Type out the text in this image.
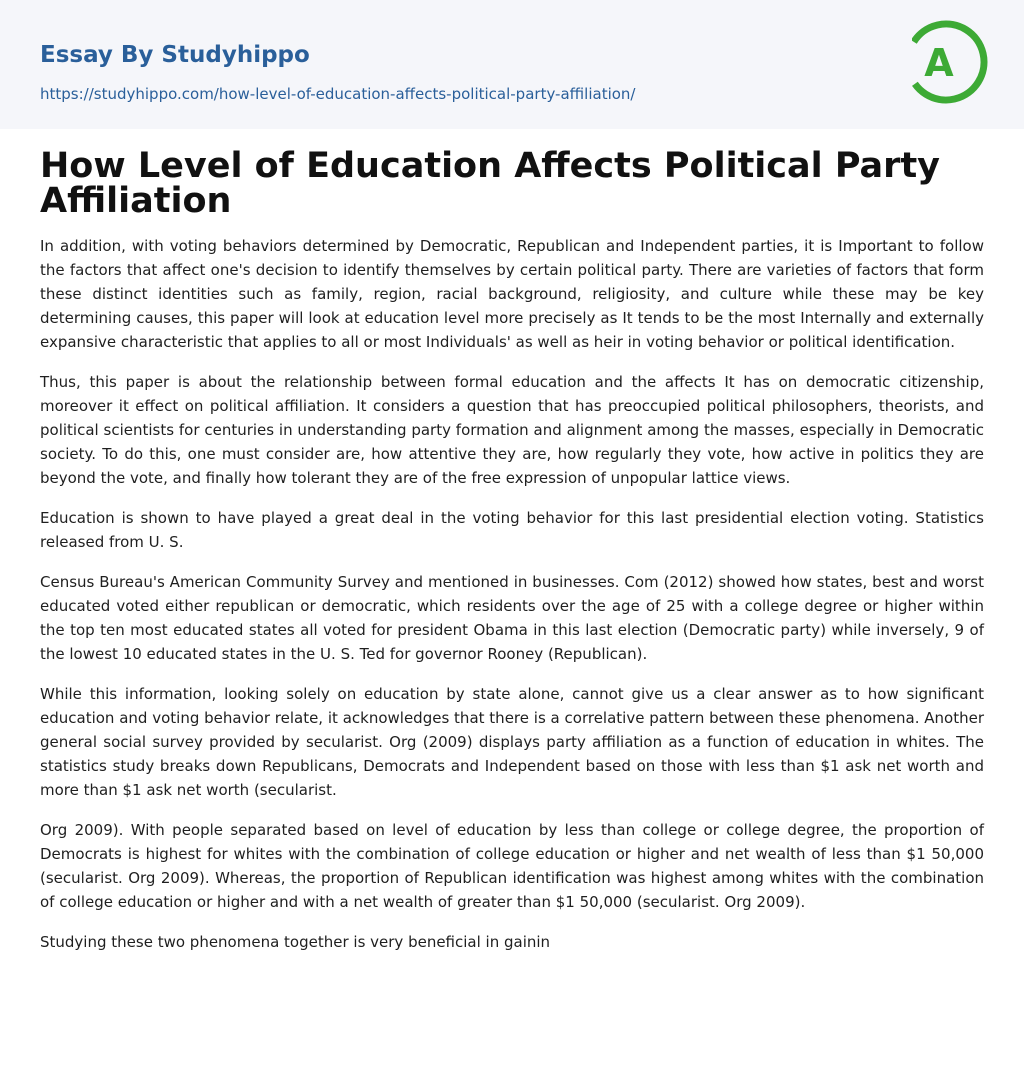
Essay By Studyhippo
https://studyhippo.com/how-level-of-education-affects-political-party-affiliation/
A
How Level of Education Affects Political Party Affiliation

In addition, with voting behaviors determined by Democratic, Republican and Independent parties, it is Important to follow the factors that affect one's decision to identify themselves by certain political party. There are varieties of factors that form these distinct identities such as family, region, racial background, religiosity, and culture while these may be key determining causes, this paper will look at education level more precisely as It tends to be the most Internally and externally expansive characteristic that applies to all or most Individuals' as well as heir in voting behavior or political identification.

Thus, this paper is about the relationship between formal education and the affects It has on democratic citizenship, moreover it effect on political affiliation. It considers a question that has preoccupied political philosophers, theorists, and political scientists for centuries in understanding party formation and alignment among the masses, especially in Democratic society. To do this, one must consider are, how attentive they are, how regularly they vote, how active in politics they are beyond the vote, and finally how tolerant they are of the free expression of unpopular lattice views.

Education is shown to have played a great deal in the voting behavior for this last presidential election voting. Statistics released from U. S.

Census Bureau's American Community Survey and mentioned in businesses. Com (2012) showed how states, best and worst educated voted either republican or democratic, which residents over the age of 25 with a college degree or higher within the top ten most educated states all voted for president Obama in this last election (Democratic party) while inversely, 9 of the lowest 10 educated states in the U. S. Ted for governor Rooney (Republican).

While this information, looking solely on education by state alone, cannot give us a clear answer as to how significant education and voting behavior relate, it acknowledges that there is a correlative pattern between these phenomena. Another general social survey provided by secularist. Org (2009) displays party affiliation as a function of education in whites. The statistics study breaks down Republicans, Democrats and Independent based on those with less than $1 ask net worth and more than $1 ask net worth (secularist.

Org 2009). With people separated based on level of education by less than college or college degree, the proportion of Democrats is highest for whites with the combination of college education or higher and net wealth of less than $1 50,000 (secularist. Org 2009). Whereas, the proportion of Republican identification was highest among whites with the combination of college education or higher and with a net wealth of greater than $1 50,000 (secularist. Org 2009).

Studying these two phenomena together is very beneficial in gainin
